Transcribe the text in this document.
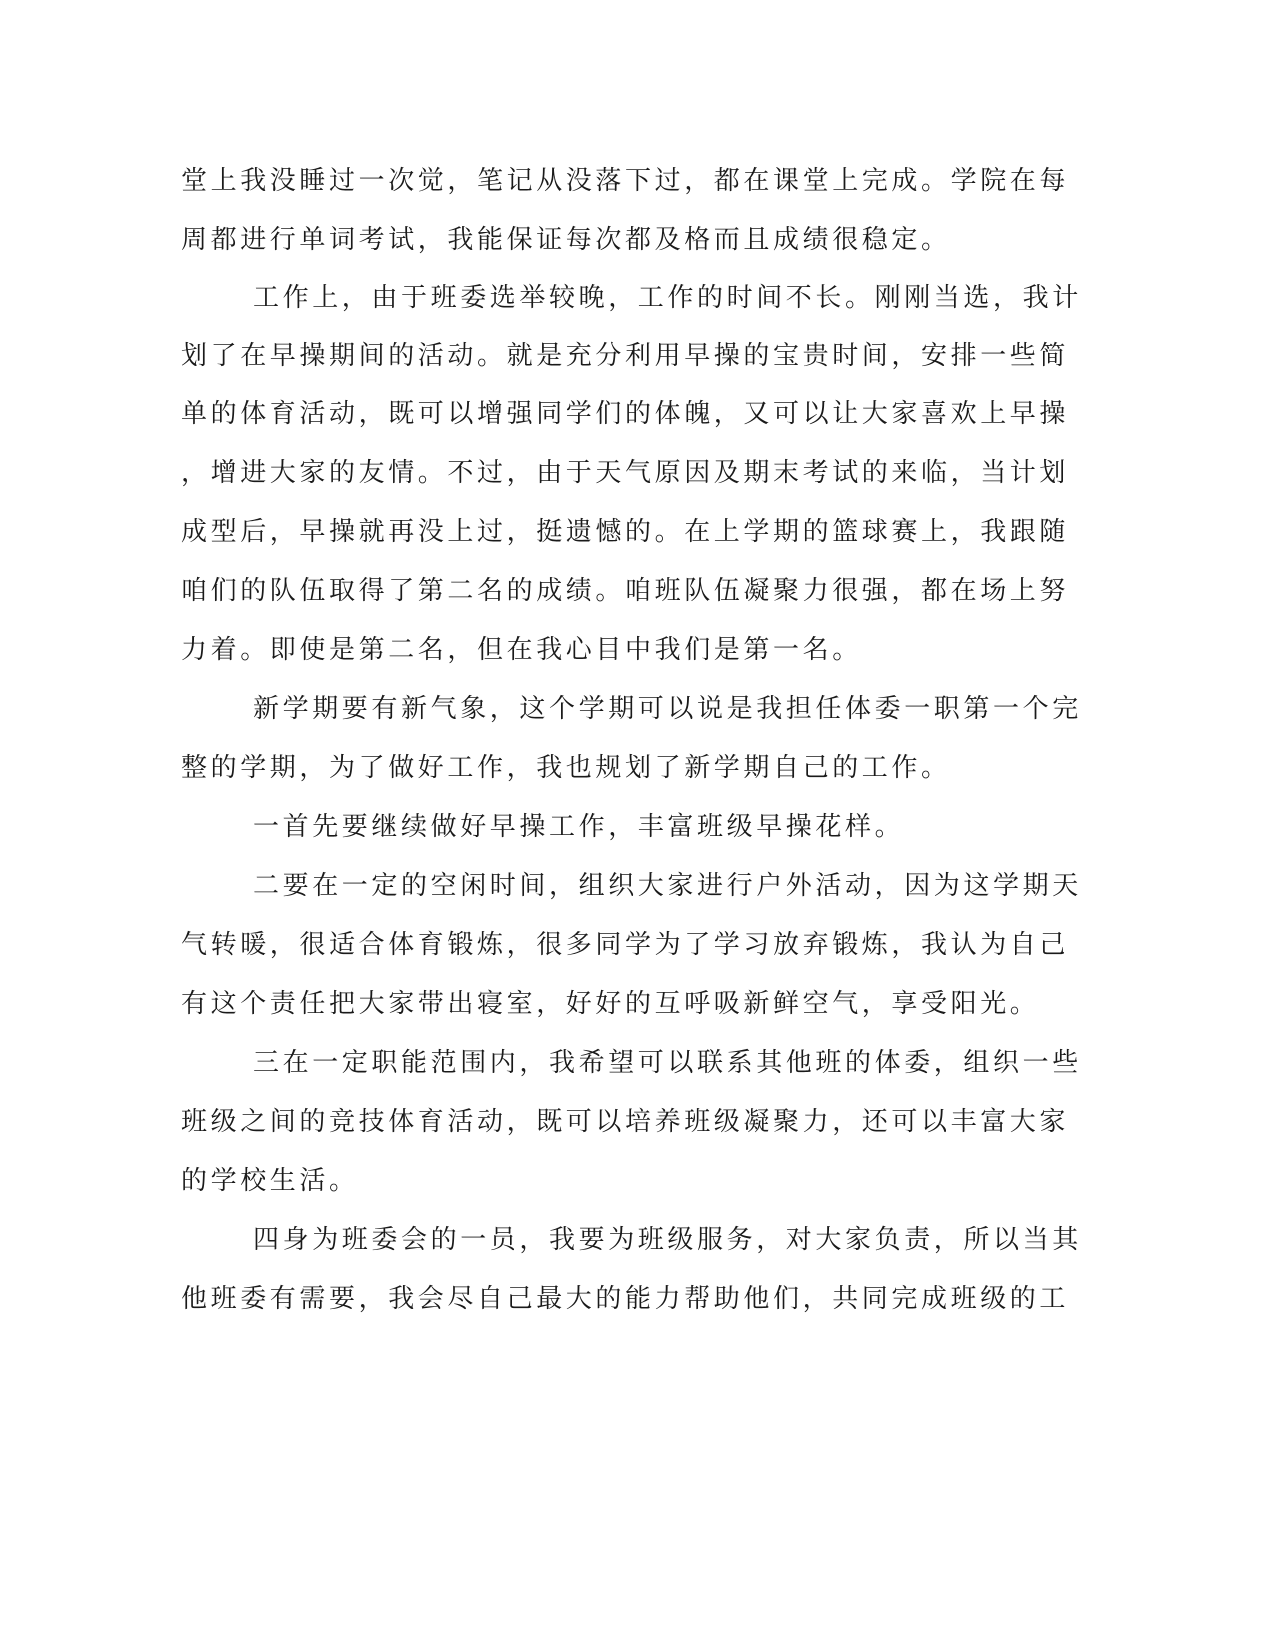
堂上我没睡过一次觉，笔记从没落下过，都在课堂上完成。学院在每
周都进行单词考试，我能保证每次都及格而且成绩很稳定。
工作上，由于班委选举较晚，工作的时间不长。刚刚当选，我计
划了在早操期间的活动。就是充分利用早操的宝贵时间，安排一些简
单的体育活动，既可以增强同学们的体魄，又可以让大家喜欢上早操
，增进大家的友情。不过，由于天气原因及期末考试的来临，当计划
成型后，早操就再没上过，挺遗憾的。在上学期的篮球赛上，我跟随
咱们的队伍取得了第二名的成绩。咱班队伍凝聚力很强，都在场上努
力着。即使是第二名，但在我心目中我们是第一名。
新学期要有新气象，这个学期可以说是我担任体委一职第一个完
整的学期，为了做好工作，我也规划了新学期自己的工作。
一首先要继续做好早操工作，丰富班级早操花样。
二要在一定的空闲时间，组织大家进行户外活动，因为这学期天
气转暖，很适合体育锻炼，很多同学为了学习放弃锻炼，我认为自己
有这个责任把大家带出寝室，好好的互呼吸新鲜空气，享受阳光。
三在一定职能范围内，我希望可以联系其他班的体委，组织一些
班级之间的竞技体育活动，既可以培养班级凝聚力，还可以丰富大家
的学校生活。
四身为班委会的一员，我要为班级服务，对大家负责，所以当其
他班委有需要，我会尽自己最大的能力帮助他们，共同完成班级的工
